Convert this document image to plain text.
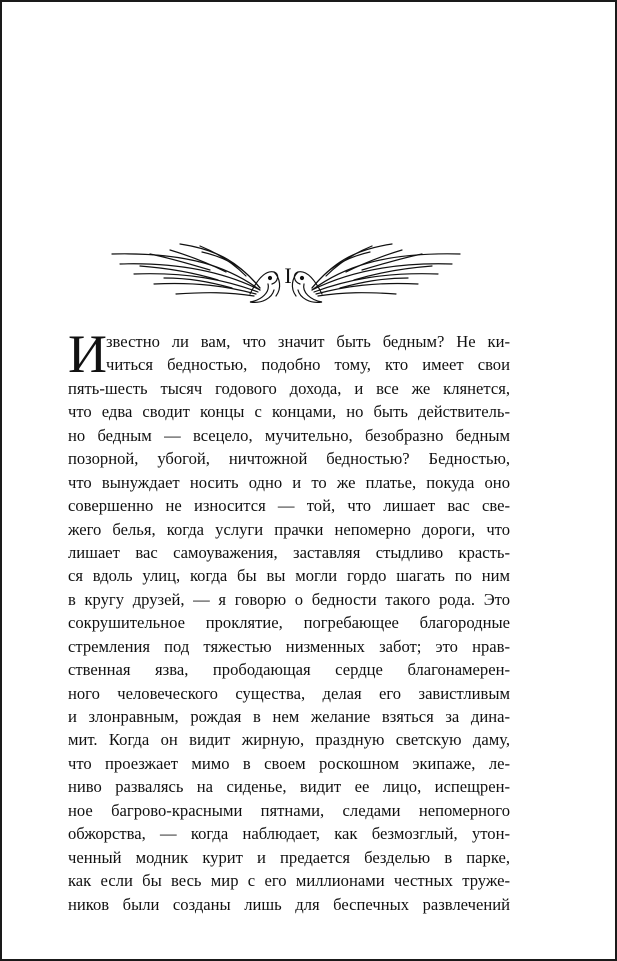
I
И звестно ли вам, что значит быть бедным? Не ки-
читься бедностью, подобно тому, кто имеет свои
пять-шесть тысяч годового дохода, и все же клянется,
что едва сводит концы с концами, но быть действитель-
но бедным — всецело, мучительно, безобразно бедным
позорной, убогой, ничтожной бедностью? Бедностью,
что вынуждает носить одно и то же платье, покуда оно
совершенно не износится — той, что лишает вас све-
жего белья, когда услуги прачки непомерно дороги, что
лишает вас самоуважения, заставляя стыдливо красть-
ся вдоль улиц, когда бы вы могли гордо шагать по ним
в кругу друзей, — я говорю о бедности такого рода. Это
сокрушительное проклятие, погребающее благородные
стремления под тяжестью низменных забот; это нрав-
ственная язва, прободающая сердце благонамерен-
ного человеческого существа, делая его завистливым
и злонравным, рождая в нем желание взяться за дина-
мит. Когда он видит жирную, праздную светскую даму,
что проезжает мимо в своем роскошном экипаже, ле-
ниво развалясь на сиденье, видит ее лицо, испещрен-
ное багрово-красными пятнами, следами непомерного
обжорства, — когда наблюдает, как безмозглый, утон-
ченный модник курит и предается безделью в парке,
как если бы весь мир с его миллионами честных труже-
ников были созданы лишь для беспечных развлечений
